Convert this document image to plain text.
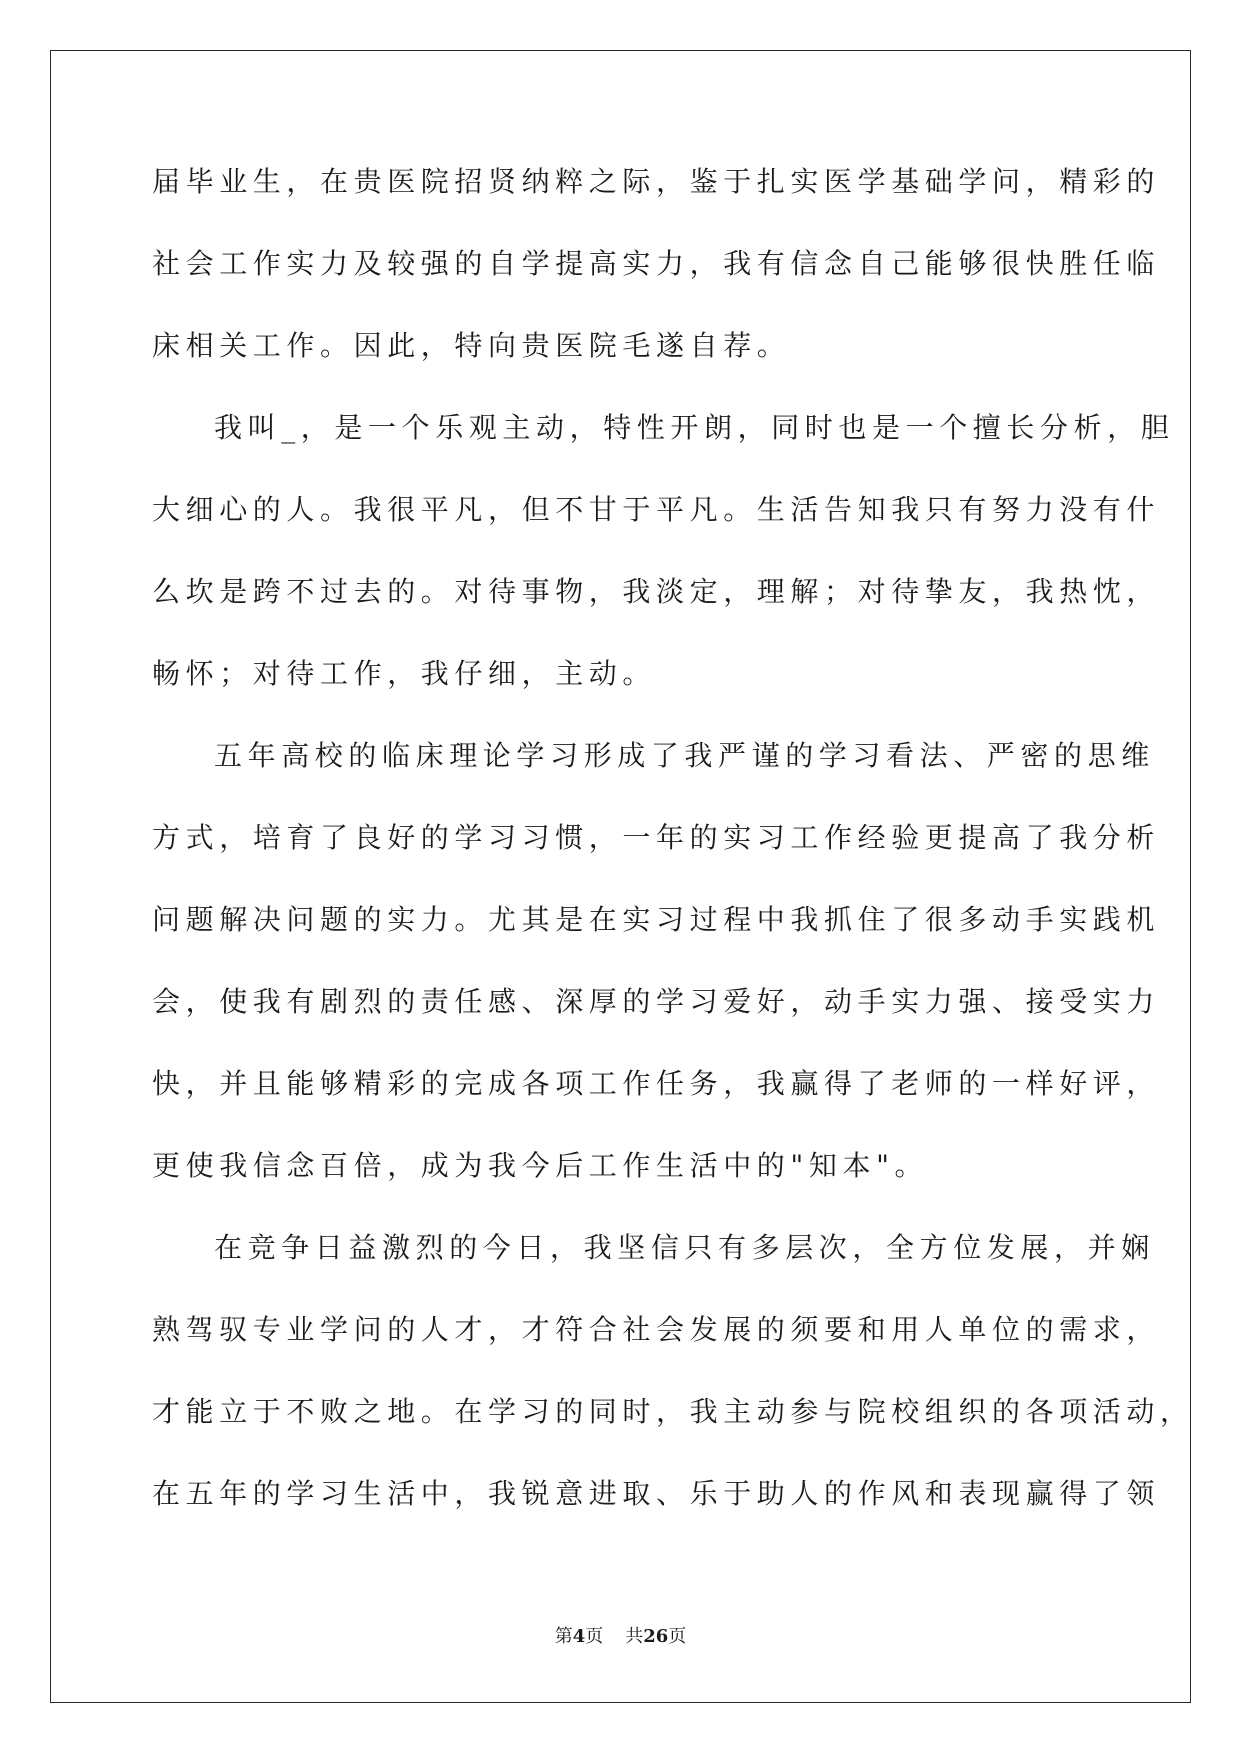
届毕业生，在贵医院招贤纳粹之际，鉴于扎实医学基础学问，精彩的
社会工作实力及较强的自学提高实力，我有信念自己能够很快胜任临
床相关工作。因此，特向贵医院毛遂自荐。
我叫_，是一个乐观主动，特性开朗，同时也是一个擅长分析，胆
大细心的人。我很平凡，但不甘于平凡。生活告知我只有努力没有什
么坎是跨不过去的。对待事物，我淡定，理解；对待挚友，我热忱，
畅怀；对待工作，我仔细，主动。
五年高校的临床理论学习形成了我严谨的学习看法、严密的思维
方式，培育了良好的学习习惯，一年的实习工作经验更提高了我分析
问题解决问题的实力。尤其是在实习过程中我抓住了很多动手实践机
会，使我有剧烈的责任感、深厚的学习爱好，动手实力强、接受实力
快，并且能够精彩的完成各项工作任务，我赢得了老师的一样好评，
更使我信念百倍，成为我今后工作生活中的"知本"。
在竞争日益激烈的今日，我坚信只有多层次，全方位发展，并娴
熟驾驭专业学问的人才，才符合社会发展的须要和用人单位的需求，
才能立于不败之地。在学习的同时，我主动参与院校组织的各项活动，
在五年的学习生活中，我锐意进取、乐于助人的作风和表现赢得了领
第4页 共26页
